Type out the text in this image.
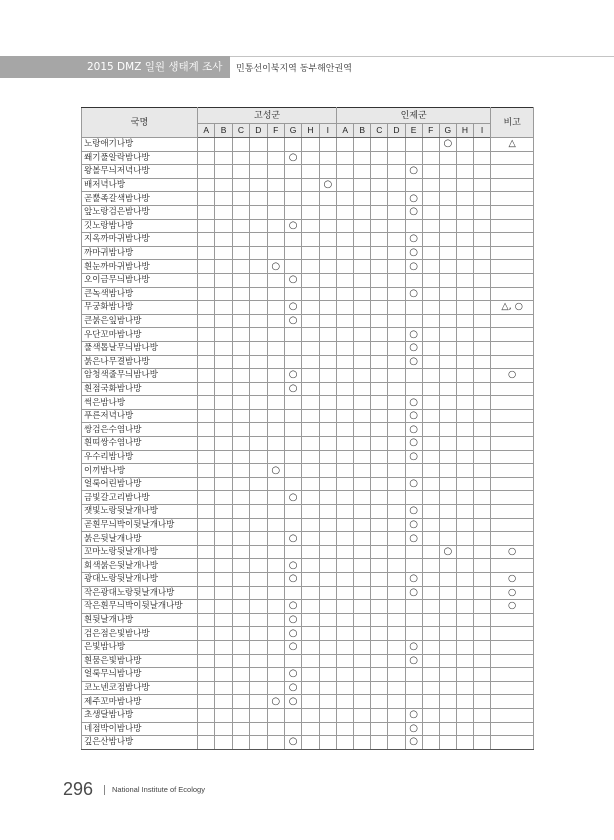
2015 DMZ 일원 생태계 조사 민통선이북지역 동부해안권역
국명	고성군								인제군									비고
	A	B	C	D	F	G	H	I	A	B	C	D	E	F	G	H	I	
노랑애기나방															○			△
쐐기풀알락밤나방						○												
왕볼무늬저녁나방													○					
배저녁나방								○										
곧뿔족갈색밤나방													○					
앞노랑검은밤나방													○					
깃노랑밤나방						○												
지옥까마귀밤나방													○					
까마귀밤나방													○					
흰눈까마귀밤나방					○								○					
오이금무늬밤나방						○												
큰녹색밤나방													○					
무궁화밤나방						○												△, ○
큰붉은잎밤나방						○												
우단꼬마밤나방													○					
풀색톱날무늬밤나방													○					
붉은나무결밤나방													○					
암청색줄무늬밤나방						○												○
흰점국화밤나방						○												
썩은밤나방													○					
푸른저녁나방													○					
쌍검은수염나방													○					
흰띠쌍수염나방													○					
우수리밤나방													○					
이끼밤나방					○													
얼룩어린밤나방													○					
금빛갈고리밤나방						○												
잿빛노랑뒷날개나방													○					
곧흰무늬박이뒷날개나방													○					
붉은뒷날개나방						○							○					
꼬마노랑뒷날개나방															○			○
회색붉은뒷날개나방						○												
광대노랑뒷날개나방						○							○					○
작은광대노랑뒷날개나방													○					○
작은흰무늬박이뒷날개나방						○												○
흰뒷날개나방						○												
검은점은빛밤나방						○												
은빛밤나방						○							○					
흰뭄은빛밤나방													○					
얼룩무늬밤나방						○												
코노넨코점밤나방						○												
제주꼬마밤나방					○	○												
초생달밤나방													○					
네점박이밤나방													○					
깊은산밤나방						○							○					
296	National Institute of Ecology
